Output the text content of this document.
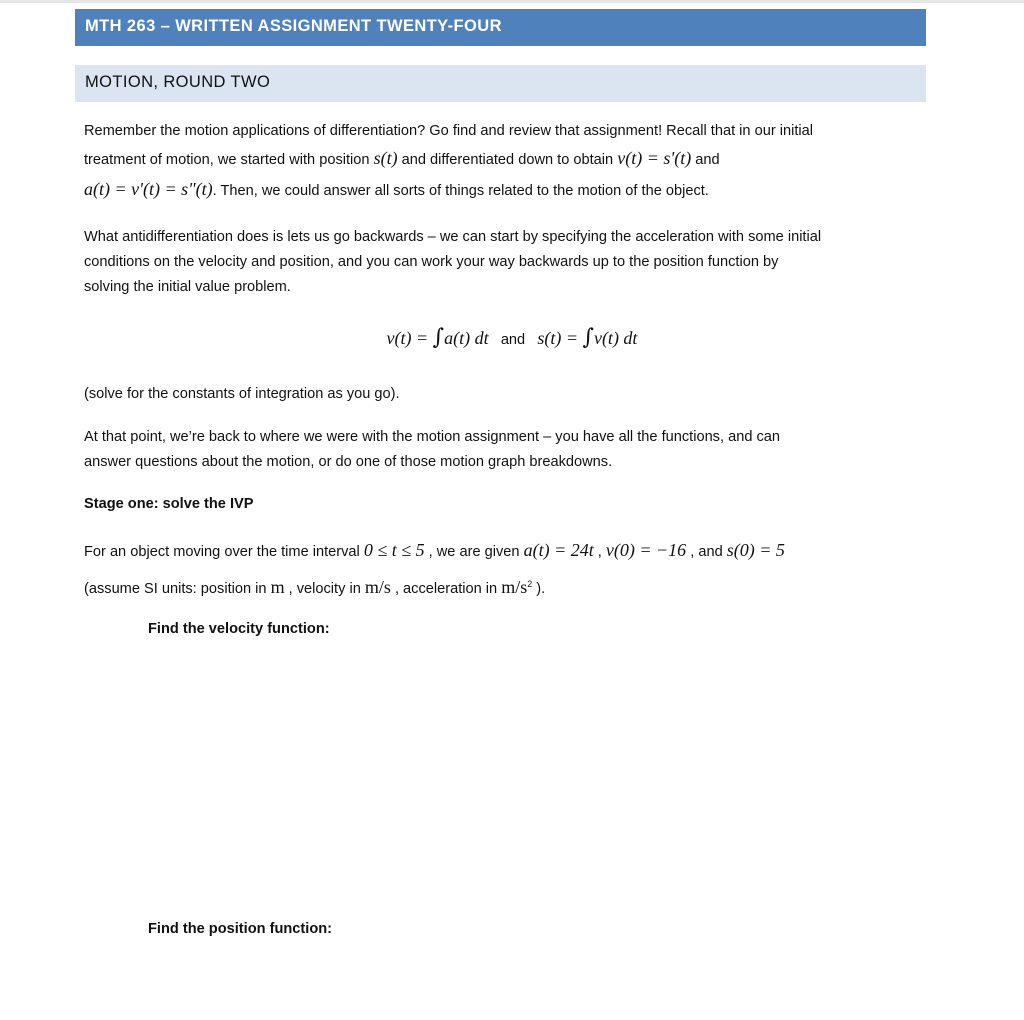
MTH 263 – WRITTEN ASSIGNMENT TWENTY-FOUR
MOTION, ROUND TWO
Remember the motion applications of differentiation? Go find and review that assignment! Recall that in our initial
treatment of motion, we started with position s(t) and differentiated down to obtain v(t) = s'(t) and
a(t) = v'(t) = s"(t). Then, we could answer all sorts of things related to the motion of the object.
What antidifferentiation does is lets us go backwards – we can start by specifying the acceleration with some initial
conditions on the velocity and position, and you can work your way backwards up to the position function by
solving the initial value problem.
v(t) = ∫a(t) dt and s(t) = ∫v(t) dt
(solve for the constants of integration as you go).
At that point, we’re back to where we were with the motion assignment – you have all the functions, and can
answer questions about the motion, or do one of those motion graph breakdowns.
Stage one: solve the IVP
For an object moving over the time interval 0 ≤ t ≤ 5 , we are given a(t) = 24t , v(0) = −16 , and s(0) = 5
(assume SI units: position in m , velocity in m/s , acceleration in $m/s^2$ ).
Find the velocity function:
Find the position function:
